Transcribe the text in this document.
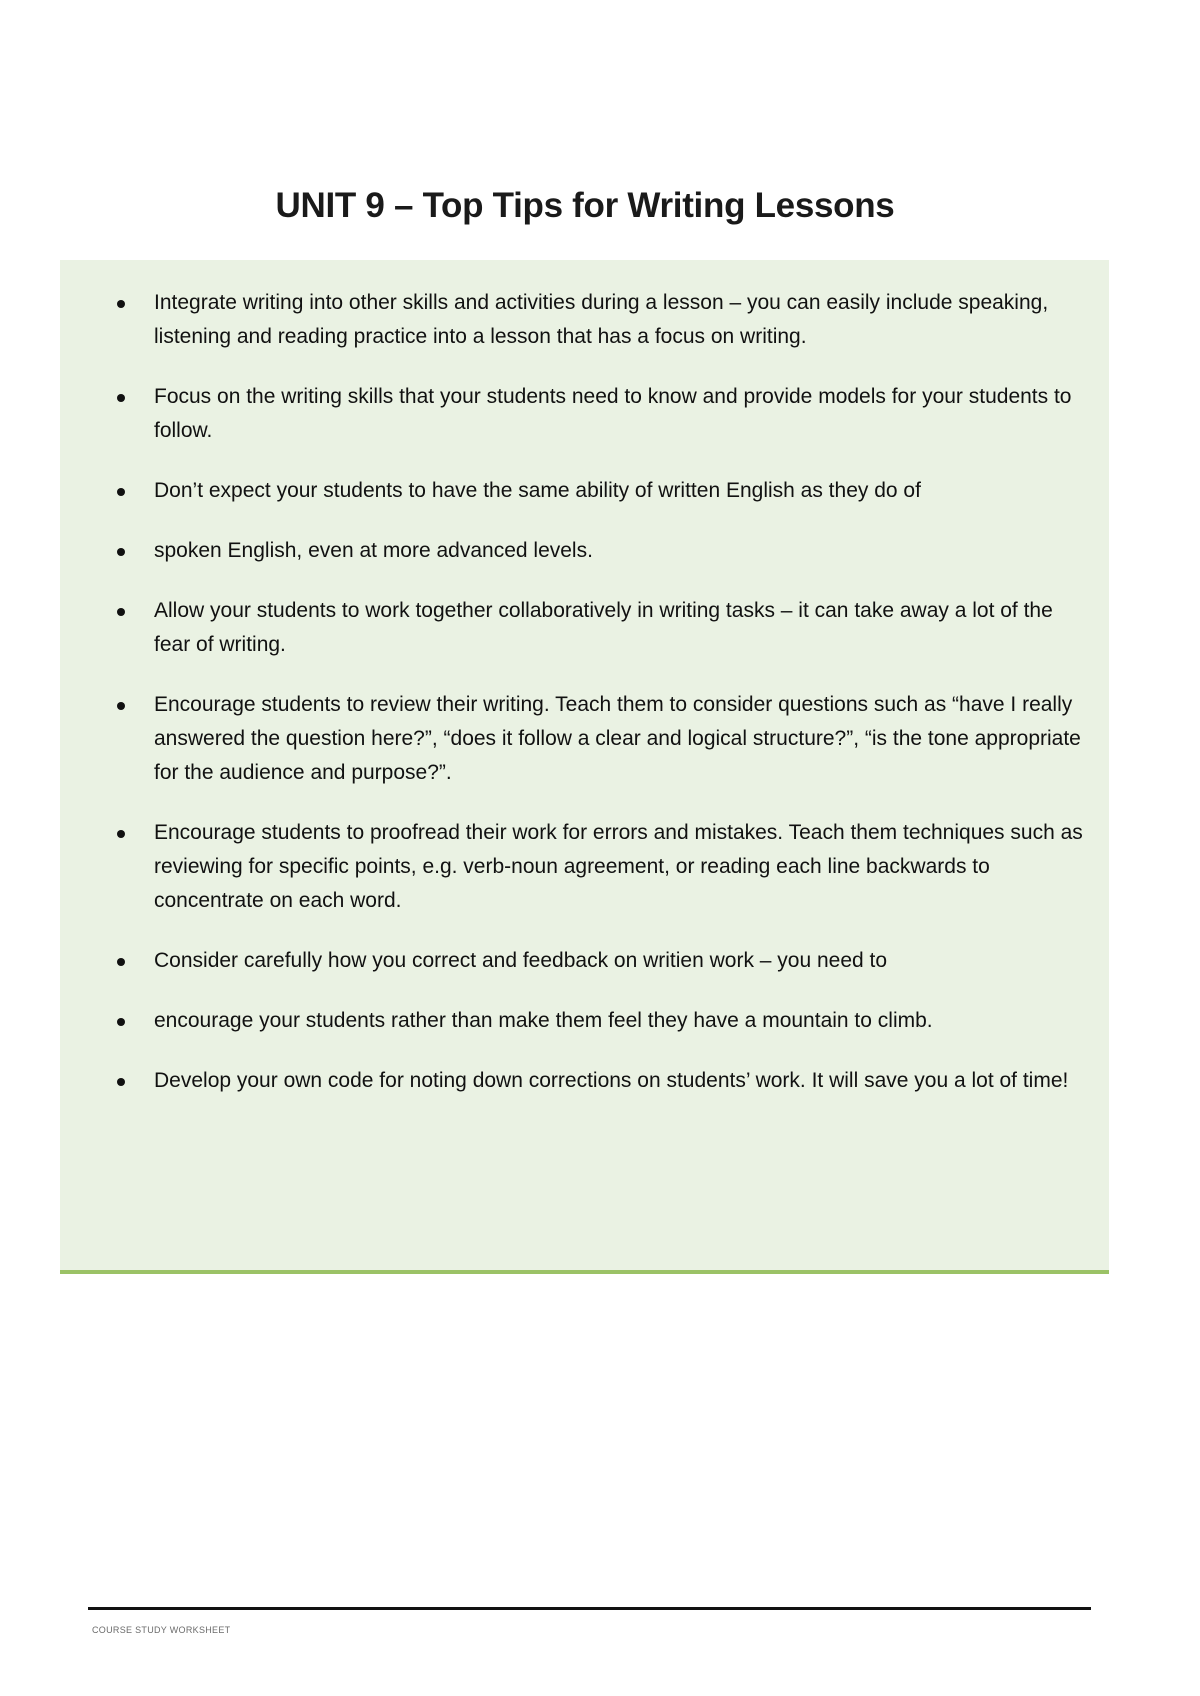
UNIT 9 – Top Tips for Writing Lessons
Integrate writing into other skills and activities during a lesson – you can easily include speaking, listening and reading practice into a lesson that has a focus on writing.
Focus on the writing skills that your students need to know and provide models for your students to follow.
Don’t expect your students to have the same ability of written English as they do of
spoken English, even at more advanced levels.
Allow your students to work together collaboratively in writing tasks – it can take away a lot of the fear of writing.
Encourage students to review their writing. Teach them to consider questions such as “have I really answered the question here?”, “does it follow a clear and logical structure?”, “is the tone appropriate for the audience and purpose?”.
Encourage students to proofread their work for errors and mistakes. Teach them techniques such as reviewing for specific points, e.g. verb-noun agreement, or reading each line backwards to concentrate on each word.
Consider carefully how you correct and feedback on writien work – you need to
encourage your students rather than make them feel they have a mountain to climb.
Develop your own code for noting down corrections on students’ work. It will save you a lot of time!
COURSE STUDY WORKSHEET
